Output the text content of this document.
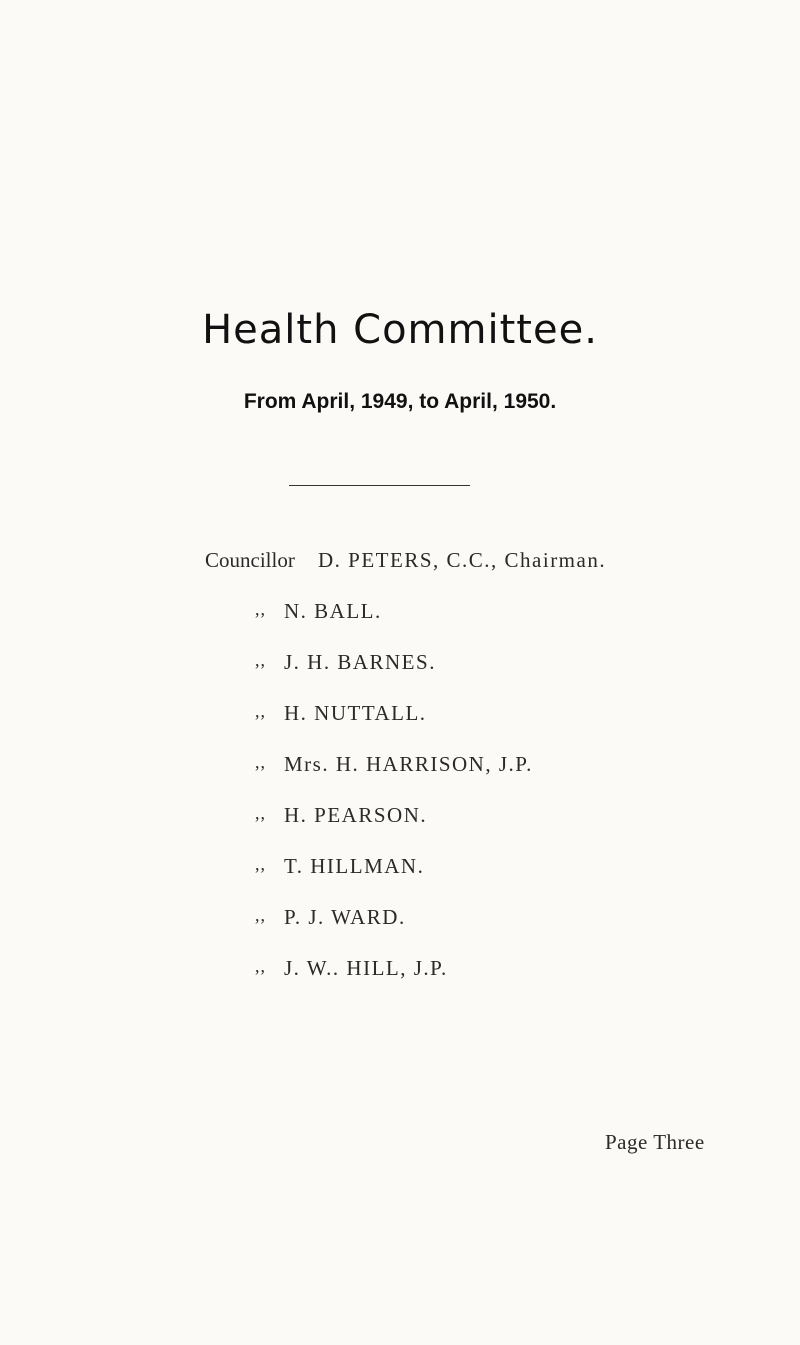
Health Committee.
From April, 1949, to April, 1950.
Councillor D. PETERS, C.C., Chairman.
,, N. BALL.
,, J. H. BARNES.
,, H. NUTTALL.
,, Mrs. H. HARRISON, J.P.
,, H. PEARSON.
,, T. HILLMAN.
,, P. J. WARD.
,, J. W.. HILL, J.P.
Page Three
